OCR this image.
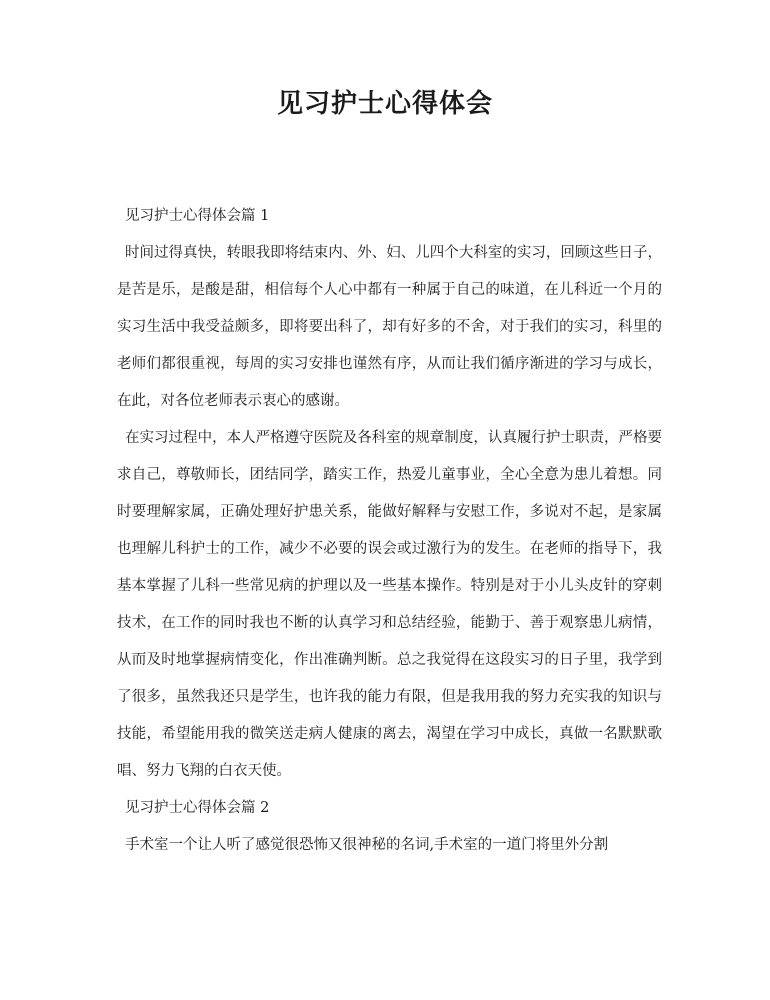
见习护士心得体会

见习护士心得体会篇 1

时间过得真快，转眼我即将结束内、外、妇、儿四个大科室的实习，回顾这些日子，是苦是乐，是酸是甜，相信每个人心中都有一种属于自己的味道，在儿科近一个月的实习生活中我受益颇多，即将要出科了，却有好多的不舍，对于我们的实习，科里的老师们都很重视，每周的实习安排也谨然有序，从而让我们循序渐进的学习与成长，在此，对各位老师表示衷心的感谢。

在实习过程中，本人严格遵守医院及各科室的规章制度，认真履行护士职责，严格要求自己，尊敬师长，团结同学，踏实工作，热爱儿童事业，全心全意为患儿着想。同时要理解家属，正确处理好护患关系，能做好解释与安慰工作，多说对不起，是家属也理解儿科护士的工作，减少不必要的误会或过激行为的发生。在老师的指导下，我基本掌握了儿科一些常见病的护理以及一些基本操作。特别是对于小儿头皮针的穿刺技术，在工作的同时我也不断的认真学习和总结经验，能勤于、善于观察患儿病情，从而及时地掌握病情变化，作出准确判断。总之我觉得在这段实习的日子里，我学到了很多，虽然我还只是学生，也许我的能力有限，但是我用我的努力充实我的知识与技能，希望能用我的微笑送走病人健康的离去，渴望在学习中成长，真做一名默默歌唱、努力飞翔的白衣天使。

见习护士心得体会篇 2

手术室一个让人听了感觉很恐怖又很神秘的名词,手术室的一道门将里外分割
